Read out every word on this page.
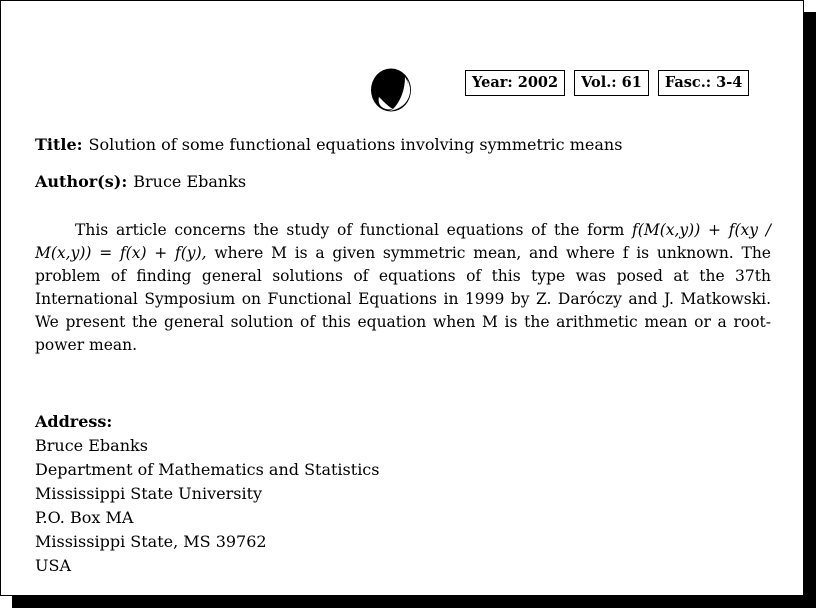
Year: 2002	Vol.: 61	Fasc.: 3-4
Title: Solution of some functional equations involving symmetric means
Author(s): Bruce Ebanks

This article concerns the study of functional equations of the form f(M(x,y)) + f(xy / M(x,y)) = f(x) + f(y), where M is a given symmetric mean, and where f is unknown. The problem of finding general solutions of equations of this type was posed at the 37th International Symposium on Functional Equations in 1999 by Z. Daróczy and J. Matkowski. We present the general solution of this equation when M is the arithmetic mean or a root-power mean.

Address:
Bruce Ebanks
Department of Mathematics and Statistics
Mississippi State University
P.O. Box MA
Mississippi State, MS 39762
USA
